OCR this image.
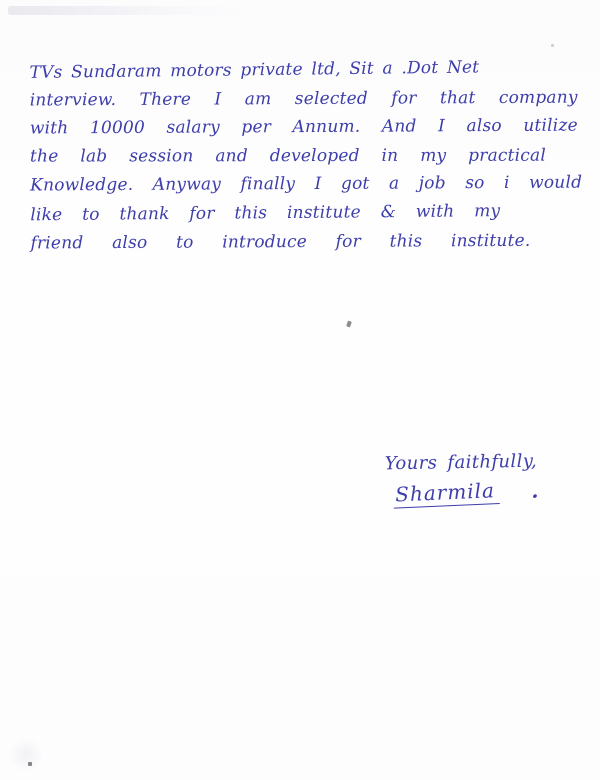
TVs Sundaram motors private ltd, Sit a .Dot Net
interview. There I am selected for that company
with 10000 salary per Annum. And I also utilize
the lab session and developed in my practical
Knowledge. Anyway finally I got a job so i would
like to thank for this institute & with my
friend also to introduce for this institute.
Yours faithfully,
Sharmila .
